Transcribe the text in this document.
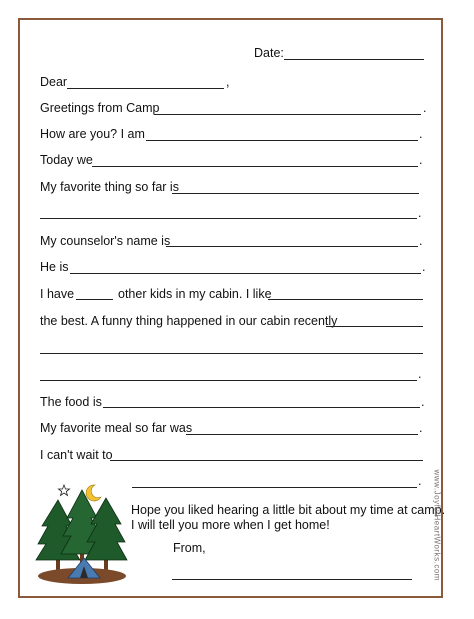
Date:
Dear	,
Greetings from Camp	.
How are you? I am	.
Today we	.
My favorite thing so far is
.
My counselor's name is	.
He is	.
I have	other kids in my cabin. I like
the best. A funny thing happened in our cabin recently
.
The food is	.
My favorite meal so far was	.
I can't wait to
.
Hope you liked hearing a little bit about my time at camp.
I will tell you more when I get home!
From,	www.JoyfulHeartWorks.com
